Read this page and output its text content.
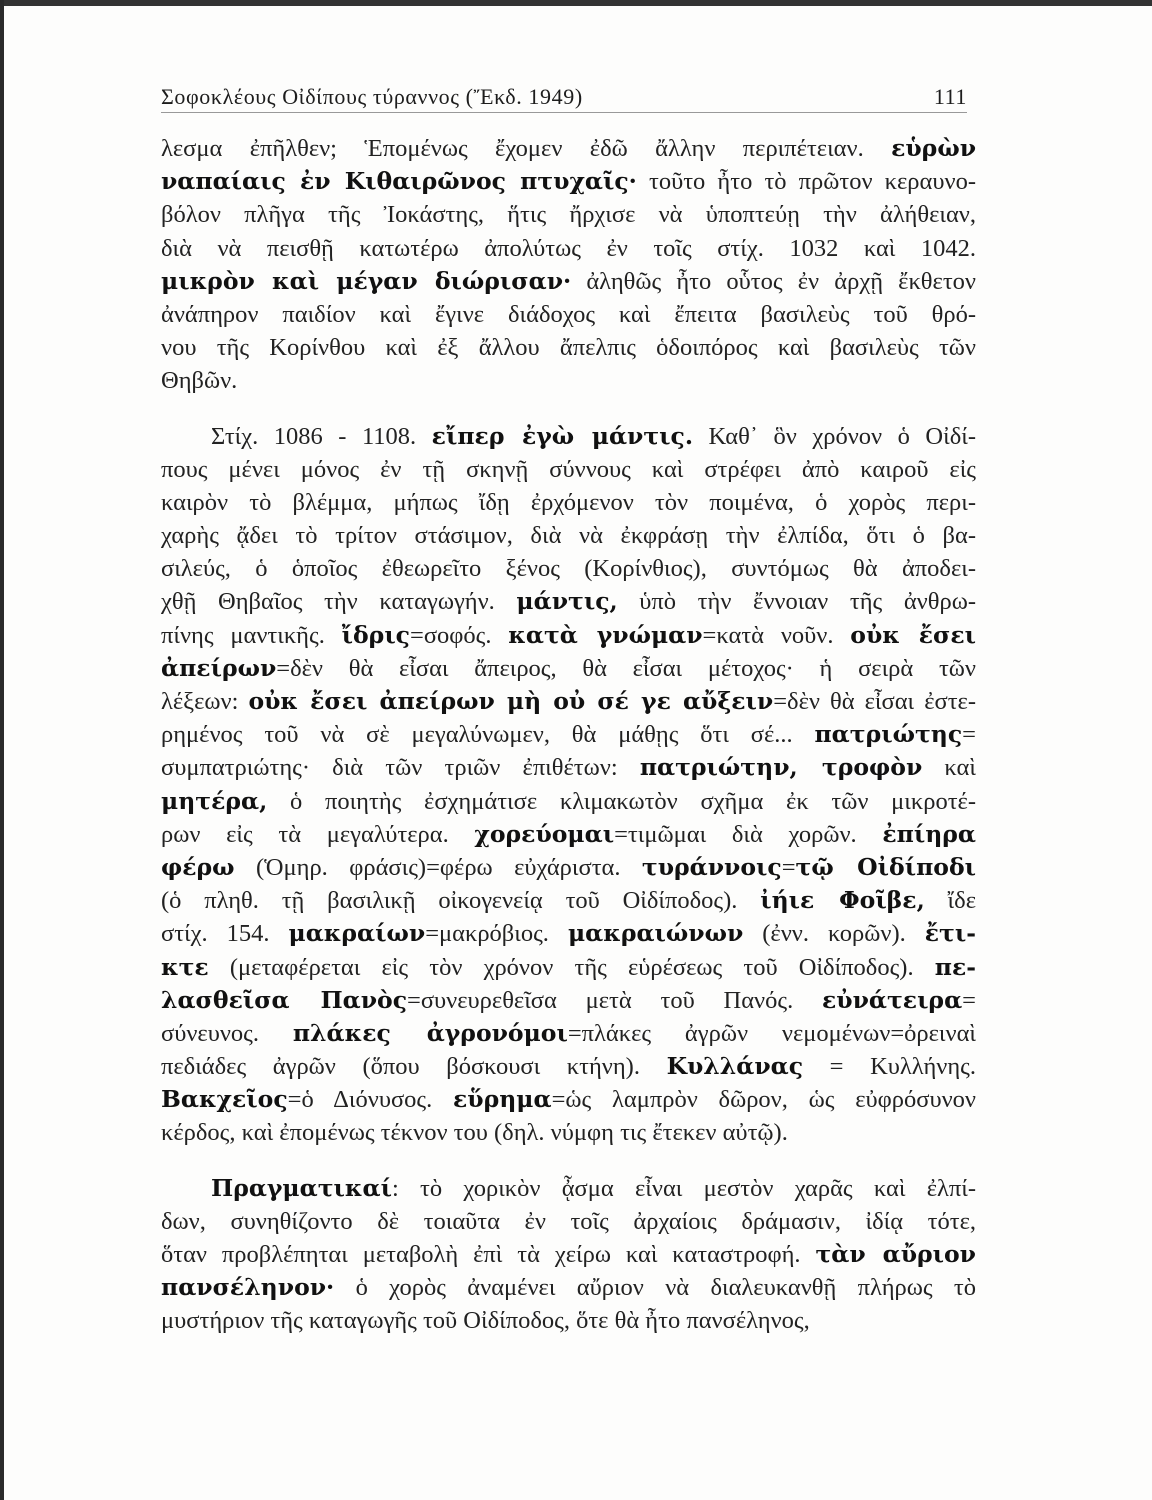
Σοφοκλέους Οἰδίπους τύραννος (Ἔκδ. 1949)	111
λεσμα ἐπῆλθεν; Ἑπομένως ἔχομεν ἐδῶ ἄλλην περιπέτειαν. εὑρὼν
ναπαίαις ἐν Κιθαιρῶνος πτυχαῖς· τοῦτο ἦτο τὸ πρῶτον κεραυνο-
βόλον πλῆγα τῆς Ἰοκάστης, ἥτις ἤρχισε νὰ ὑποπτεύῃ τὴν ἀλήθειαν,
διὰ νὰ πεισθῇ κατωτέρω ἀπολύτως ἐν τοῖς στίχ. 1032 καὶ 1042.
μικρὸν καὶ μέγαν διώρισαν· ἀληθῶς ἦτο οὗτος ἐν ἀρχῇ ἔκθετον
ἀνάπηρον παιδίον καὶ ἔγινε διάδοχος καὶ ἔπειτα βασιλεὺς τοῦ θρό-
νου τῆς Κορίνθου καὶ ἐξ ἄλλου ἄπελπις ὁδοιπόρος καὶ βασιλεὺς τῶν
Θηβῶν.
Στίχ. 1086 - 1108. εἴπερ ἐγὼ μάντις. Καθ᾽ ὃν χρόνον ὁ Οἰδί-
πους μένει μόνος ἐν τῇ σκηνῇ σύννους καὶ στρέφει ἀπὸ καιροῦ εἰς
καιρὸν τὸ βλέμμα, μήπως ἴδῃ ἐρχόμενον τὸν ποιμένα, ὁ χορὸς περι-
χαρὴς ᾄδει τὸ τρίτον στάσιμον, διὰ νὰ ἐκφράσῃ τὴν ἐλπίδα, ὅτι ὁ βα-
σιλεύς, ὁ ὁποῖος ἐθεωρεῖτο ξένος (Κορίνθιος), συντόμως θὰ ἀποδει-
χθῇ Θηβαῖος τὴν καταγωγήν. μάντις, ὑπὸ τὴν ἔννοιαν τῆς ἀνθρω-
πίνης μαντικῆς. ἴδρις=σοφός. κατὰ γνώμαν=κατὰ νοῦν. οὐκ ἔσει
ἀπείρων=δὲν θὰ εἶσαι ἄπειρος, θὰ εἶσαι μέτοχος· ἡ σειρὰ τῶν
λέξεων: οὐκ ἔσει ἀπείρων μὴ οὐ σέ γε αὔξειν=δὲν θὰ εἶσαι ἐστε-
ρημένος τοῦ νὰ σὲ μεγαλύνωμεν, θὰ μάθῃς ὅτι σέ... πατριώτης=
συμπατριώτης· διὰ τῶν τριῶν ἐπιθέτων: πατριώτην, τροφὸν καὶ
μητέρα, ὁ ποιητὴς ἐσχημάτισε κλιμακωτὸν σχῆμα ἐκ τῶν μικροτέ-
ρων εἰς τὰ μεγαλύτερα. χορεύομαι=τιμῶμαι διὰ χορῶν. ἐπίηρα
φέρω (Ὁμηρ. φράσις)=φέρω εὐχάριστα. τυράννοις=τῷ Οἰδίποδι
(ὁ πληθ. τῇ βασιλικῇ οἰκογενείᾳ τοῦ Οἰδίποδος). ἰήιε Φοῖβε, ἴδε
στίχ. 154. μακραίων=μακρόβιος. μακραιώνων (ἐνν. κορῶν). ἔτι-
κτε (μεταφέρεται εἰς τὸν χρόνον τῆς εὑρέσεως τοῦ Οἰδίποδος). πε-
λασθεῖσα Πανὸς=συνευρεθεῖσα μετὰ τοῦ Πανός. εὐνάτειρα=
σύνευνος. πλάκες ἀγρονόμοι=πλάκες ἀγρῶν νεμομένων=ὀρειναὶ
πεδιάδες ἀγρῶν (ὅπου βόσκουσι κτήνη). Κυλλάνας = Κυλλήνης.
Βακχεῖος=ὁ Διόνυσος. εὕρημα=ὡς λαμπρὸν δῶρον, ὡς εὐφρόσυνον
κέρδος, καὶ ἐπομένως τέκνον του (δηλ. νύμφη τις ἔτεκεν αὐτῷ).
Πραγματικαί: τὸ χορικὸν ᾆσμα εἶναι μεστὸν χαρᾶς καὶ ἐλπί-
δων, συνηθίζοντο δὲ τοιαῦτα ἐν τοῖς ἀρχαίοις δράμασιν, ἰδίᾳ τότε,
ὅταν προβλέπηται μεταβολὴ ἐπὶ τὰ χείρω καὶ καταστροφή. τὰν αὔριον
πανσέληνον· ὁ χορὸς ἀναμένει αὔριον νὰ διαλευκανθῇ πλήρως τὸ
μυστήριον τῆς καταγωγῆς τοῦ Οἰδίποδος, ὅτε θὰ ἦτο πανσέληνος,
